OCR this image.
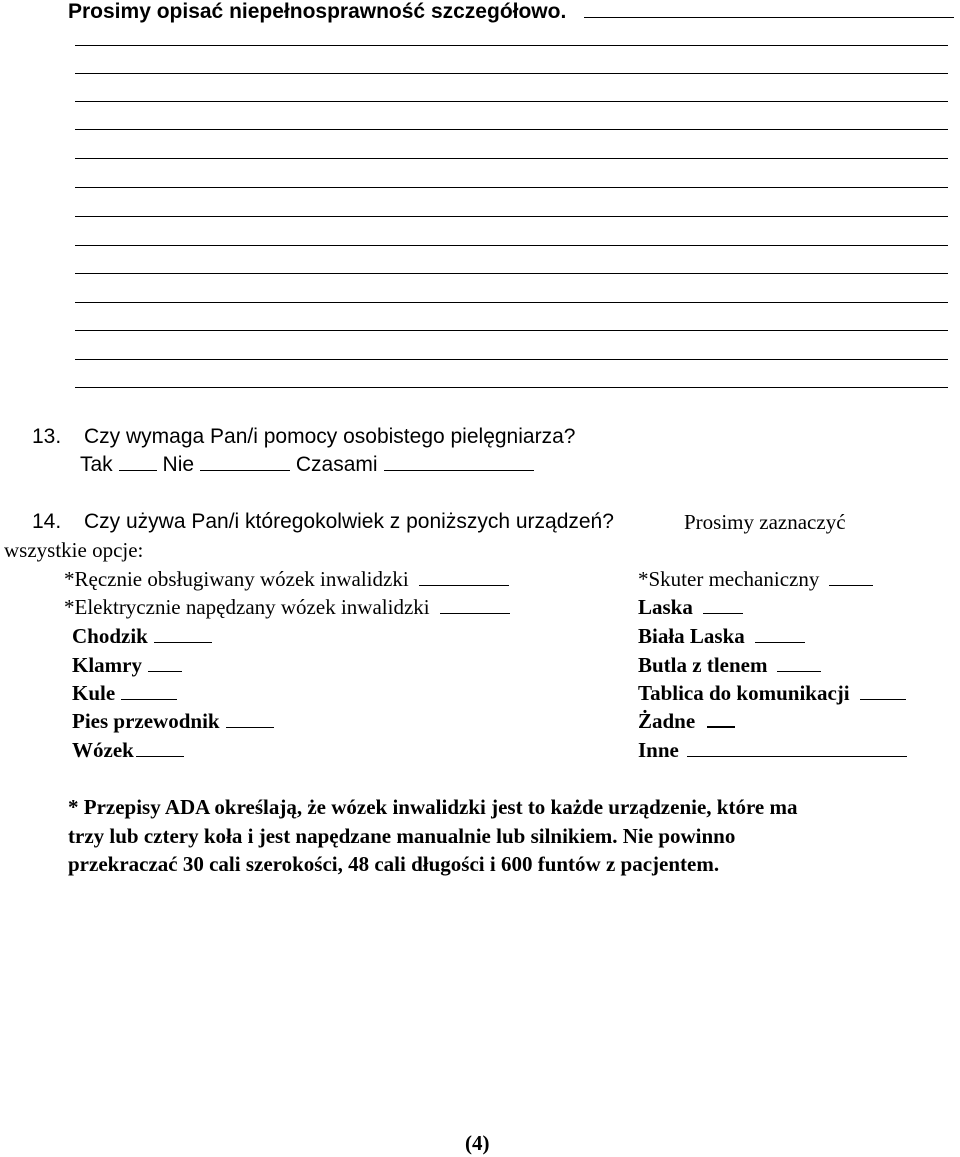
Prosimy opisać niepełnosprawność szczegółowo.
13. Czy wymaga Pan/i pomocy osobistego pielęgniarza?
Tak Nie	Czasami
14. Czy używa Pan/i któregokolwiek z poniższych urządzeń?	Prosimy zaznaczyć
wszystkie opcje:
*Ręcznie obsługiwany wózek inwalidzki
*Elektrycznie napędzany wózek inwalidzki
Chodzik
Klamry
Kule
Pies przewodnik
Wózek
*Skuter mechaniczny
Laska
Biała Laska
Butla z tlenem
Tablica do komunikacji
Żadne
Inne
* Przepisy ADA określają, że wózek inwalidzki jest to każde urządzenie, które ma
trzy lub cztery koła i jest napędzane manualnie lub silnikiem. Nie powinno
przekraczać 30 cali szerokości, 48 cali długości i 600 funtów z pacjentem.
(4)
